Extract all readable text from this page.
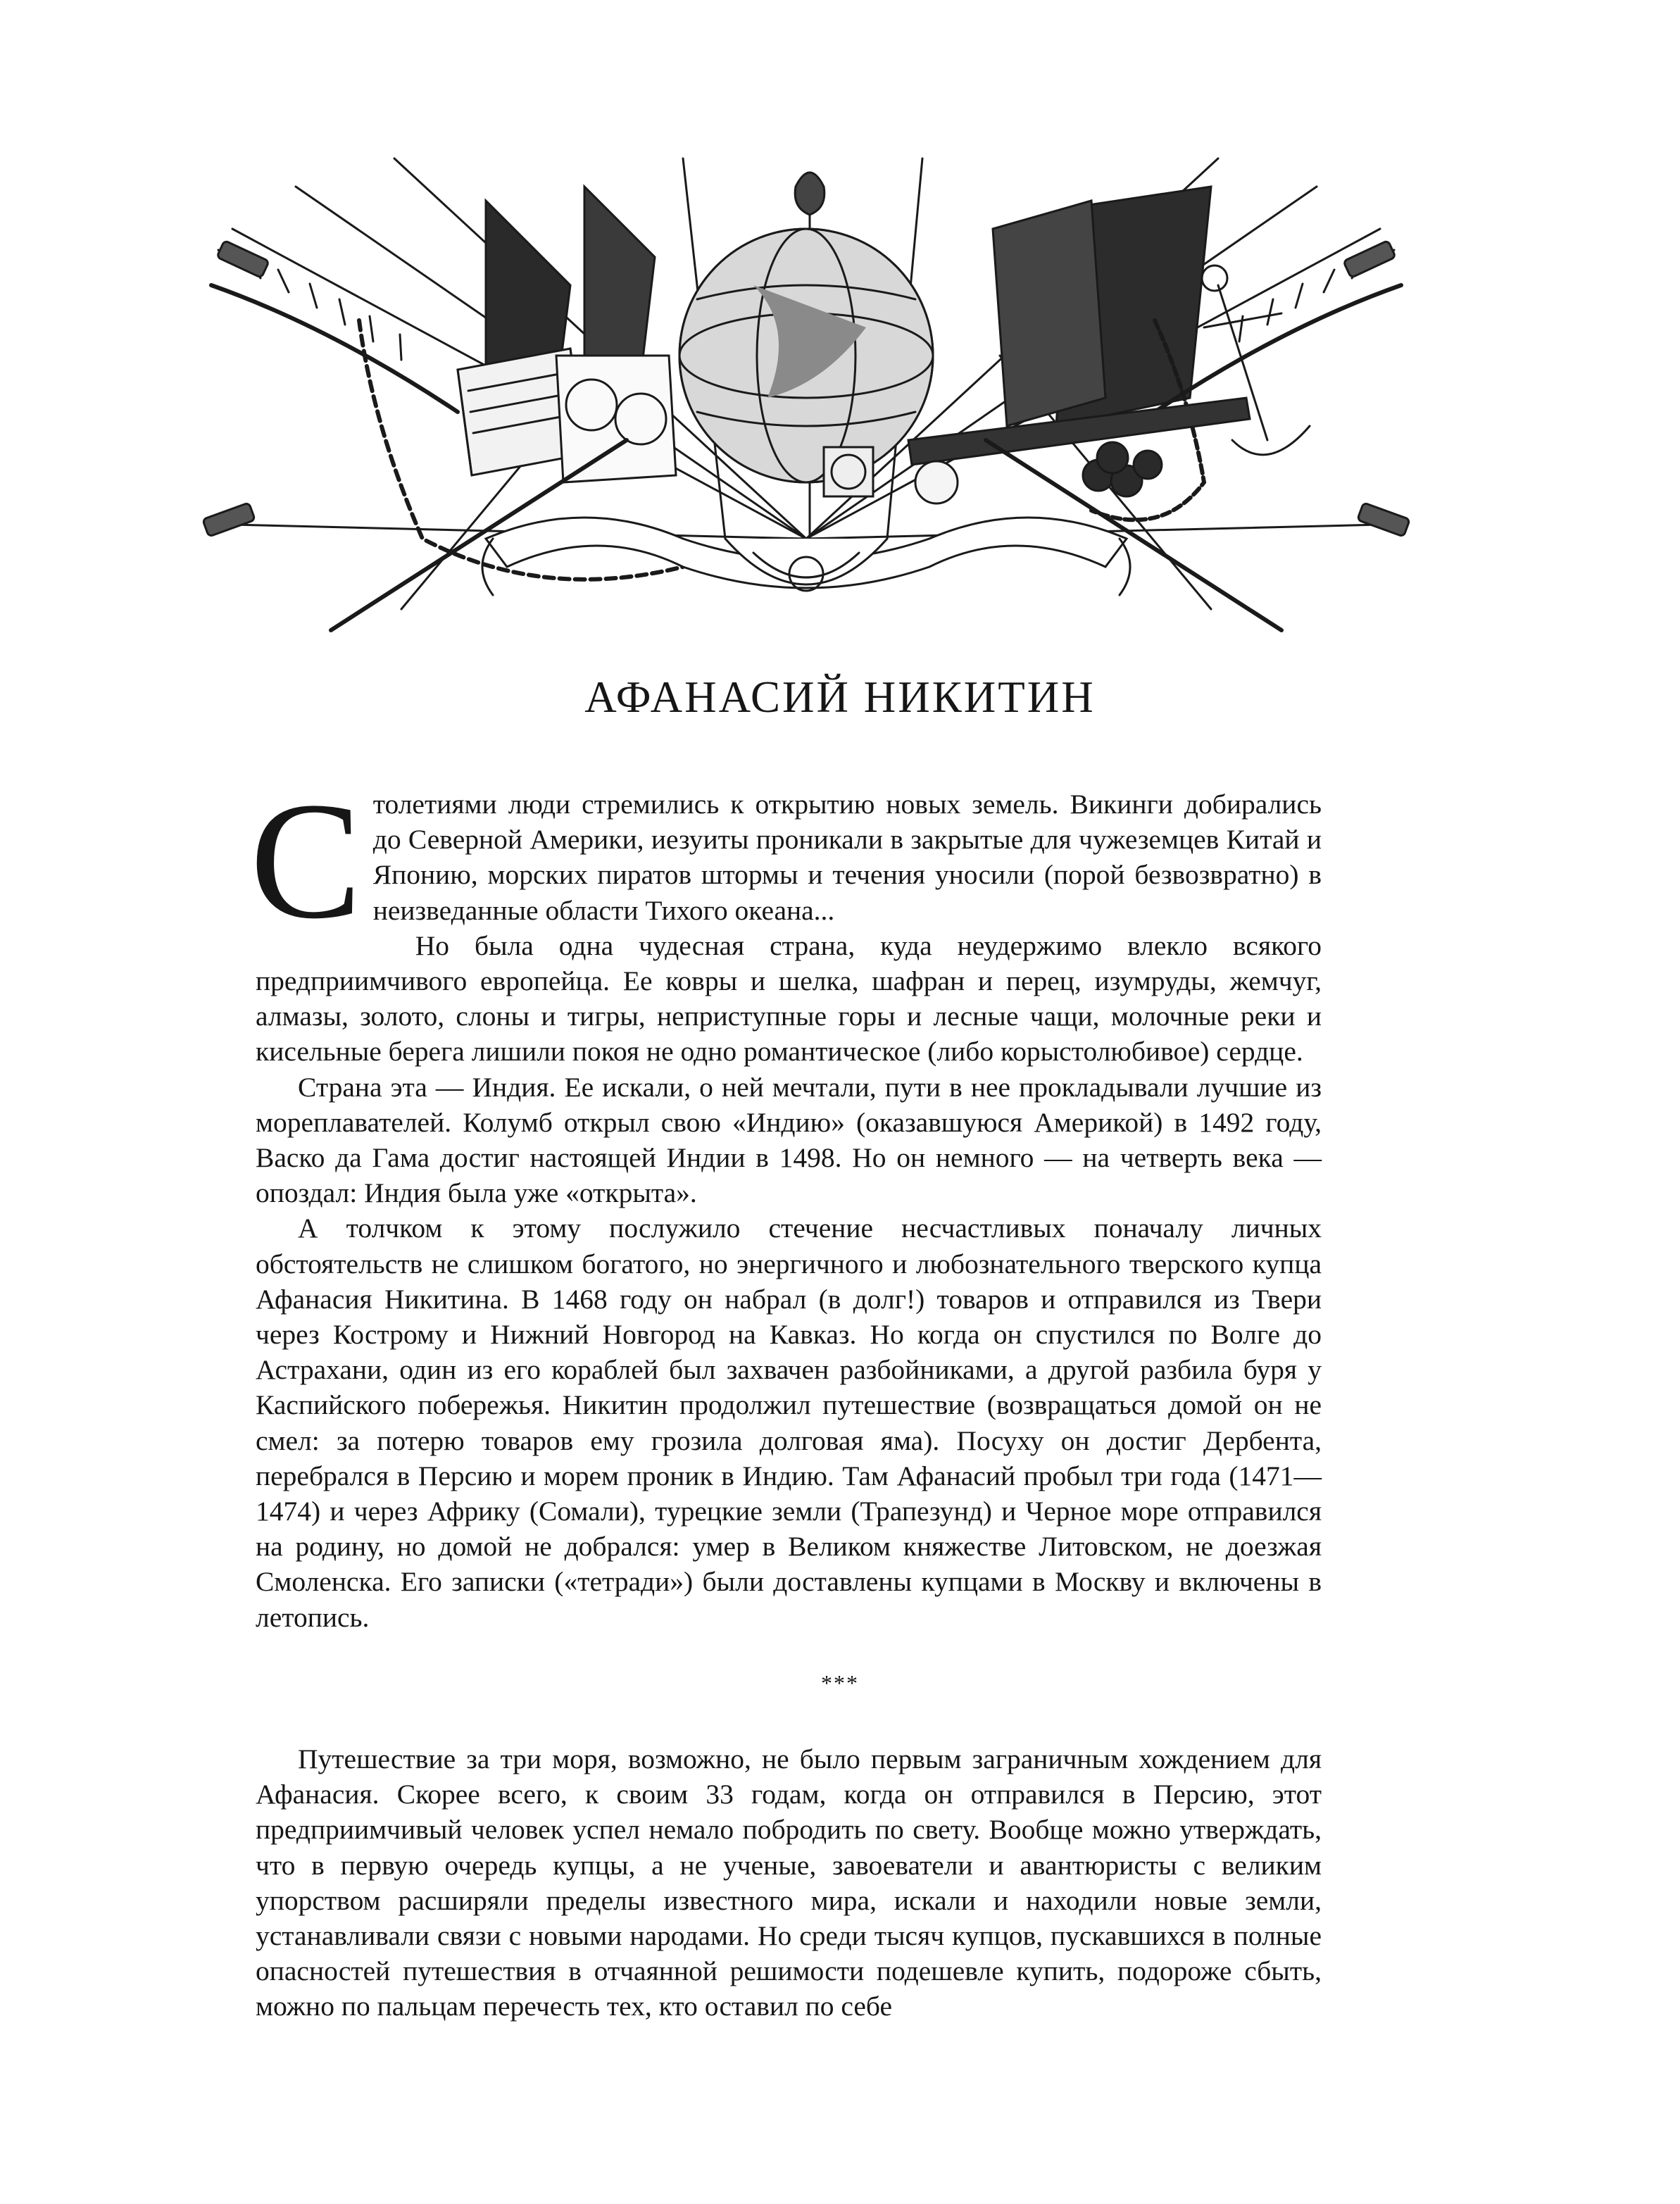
АФАНАСИЙ НИКИТИН

Столетиями люди стремились к открытию новых земель. Викинги добирались до Северной Америки, иезуиты проникали в закрытые для чужеземцев Китай и Японию, морских пиратов штормы и течения уносили (порой безвозвратно) в неизведанные области Тихого океана...

Но была одна чудесная страна, куда неудержимо влекло всякого предприимчивого европейца. Ее ковры и шелка, шафран и перец, изумруды, жемчуг, алмазы, золото, слоны и тигры, неприступные горы и лесные чащи, молочные реки и кисельные берега лишили покоя не одно романтическое (либо корыстолюбивое) сердце.

Страна эта — Индия. Ее искали, о ней мечтали, пути в нее прокладывали лучшие из мореплавателей. Колумб открыл свою «Индию» (оказавшуюся Америкой) в 1492 году, Васко да Гама достиг настоящей Индии в 1498. Но он немного — на четверть века — опоздал: Индия была уже «открыта».

А толчком к этому послужило стечение несчастливых поначалу личных обстоятельств не слишком богатого, но энергичного и любознательного тверского купца Афанасия Никитина. В 1468 году он набрал (в долг!) товаров и отправился из Твери через Кострому и Нижний Новгород на Кавказ. Но когда он спустился по Волге до Астрахани, один из его кораблей был захвачен разбойниками, а другой разбила буря у Каспийского побережья. Никитин продолжил путешествие (возвращаться домой он не смел: за потерю товаров ему грозила долговая яма). Посуху он достиг Дербента, перебрался в Персию и морем проник в Индию. Там Афанасий пробыл три года (1471—1474) и через Африку (Сомали), турецкие земли (Трапезунд) и Черное море отправился на родину, но домой не добрался: умер в Великом княжестве Литовском, не доезжая Смоленска. Его записки («тетради») были доставлены купцами в Москву и включены в летопись.

***

Путешествие за три моря, возможно, не было первым заграничным хождением для Афанасия. Скорее всего, к своим 33 годам, когда он отправился в Персию, этот предприимчивый человек успел немало побродить по свету. Вообще можно утверждать, что в первую очередь купцы, а не ученые, завоеватели и авантюристы с великим упорством расширяли пределы известного мира, искали и находили новые земли, устанавливали связи с новыми народами. Но среди тысяч купцов, пускавшихся в полные опасностей путешествия в отчаянной решимости подешевле купить, подороже сбыть, можно по пальцам перечесть тех, кто оставил по себе
